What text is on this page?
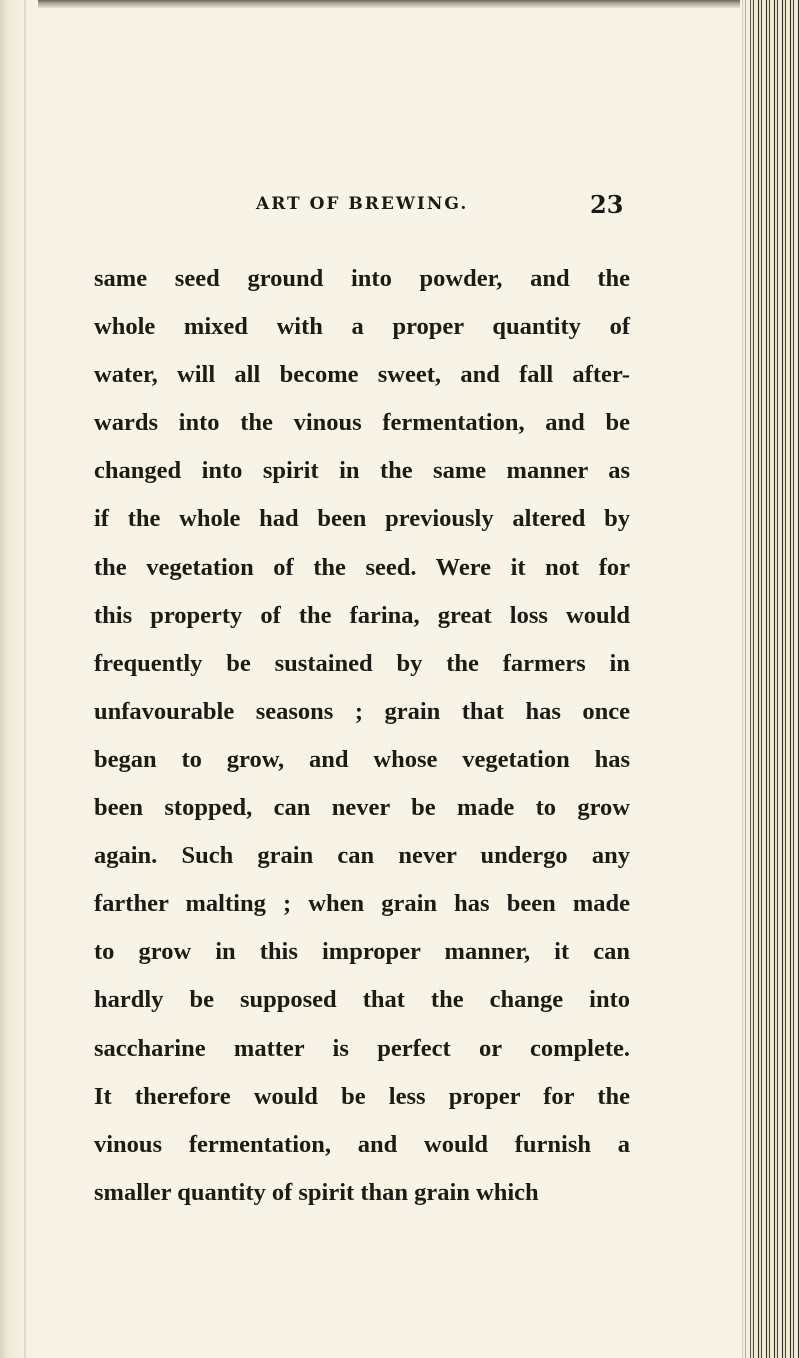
ART OF BREWING.	23
same seed ground into powder, and the
whole mixed with a proper quantity of
water, will all become sweet, and fall after-
wards into the vinous fermentation, and be
changed into spirit in the same manner as
if the whole had been previously altered by
the vegetation of the seed. Were it not for
this property of the farina, great loss would
frequently be sustained by the farmers in
unfavourable seasons ; grain that has once
began to grow, and whose vegetation has
been stopped, can never be made to grow
again. Such grain can never undergo any
farther malting ; when grain has been made
to grow in this improper manner, it can
hardly be supposed that the change into
saccharine matter is perfect or complete.
It therefore would be less proper for the
vinous fermentation, and would furnish a
smaller quantity of spirit than grain which
